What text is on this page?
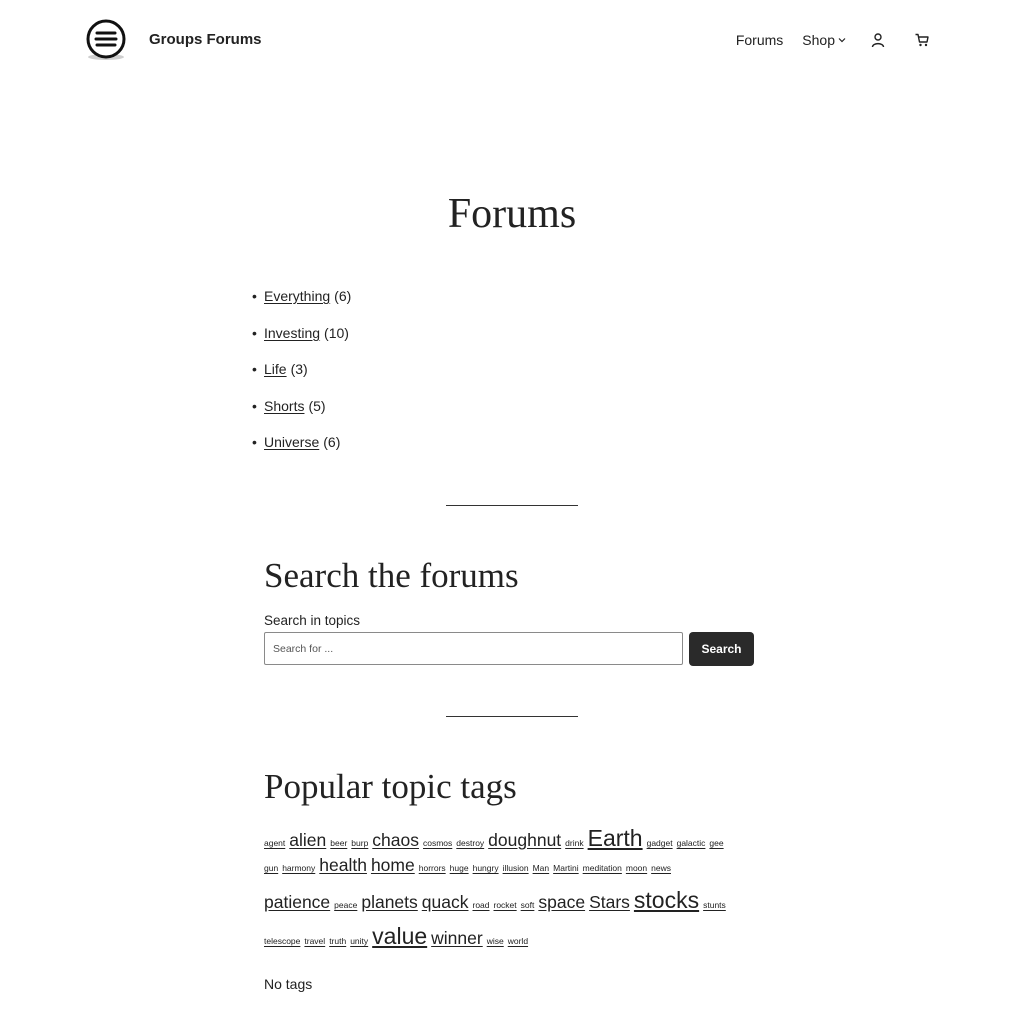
Groups Forums	Forums Shop
Forums
• Everything (6)
• Investing (10)
• Life (3)
• Shorts (5)
• Universe (6)
Search the forums
Search in topics
Search for ...
Search
Popular topic tags
agent alien beer burp chaos cosmos destroy doughnut drink Earth gadget galactic gee
gun harmony health home horrors huge hungry illusion Man Martini meditation moon news
patience peace planets quack road rocket soft space Stars stocks stunts
telescope travel truth unity value winner wise world
No tags
